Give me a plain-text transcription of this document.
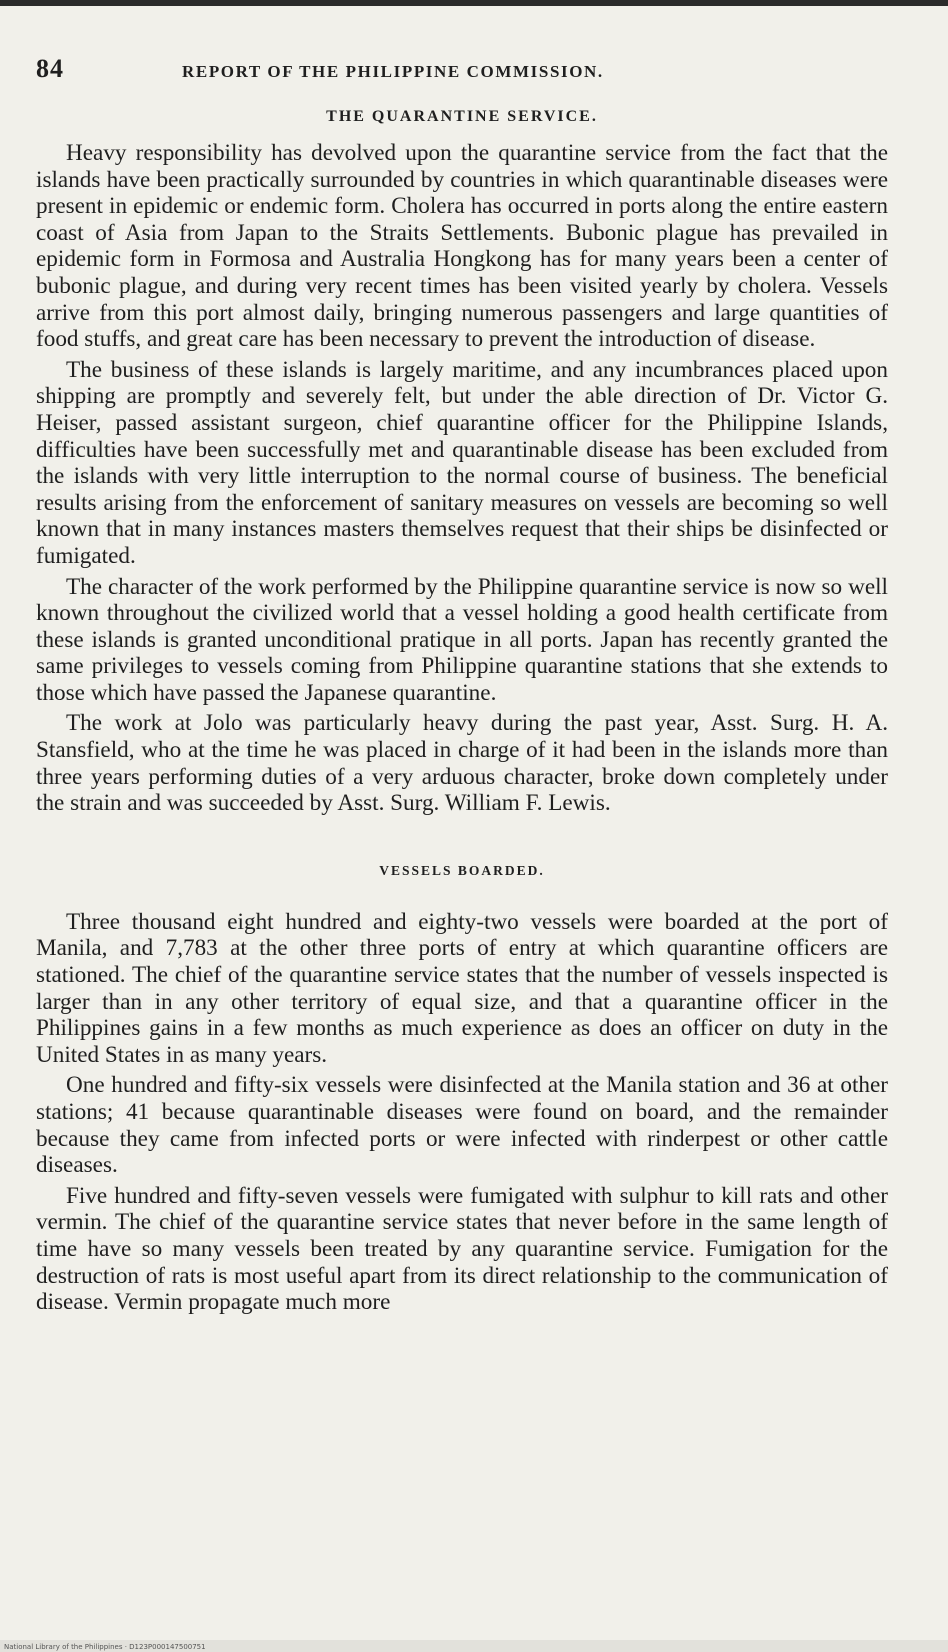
84	REPORT OF THE PHILIPPINE COMMISSION.
THE QUARANTINE SERVICE.

Heavy responsibility has devolved upon the quarantine service from the fact that the islands have been practically surrounded by countries in which quarantinable diseases were present in epidemic or endemic form. Cholera has occurred in ports along the entire eastern coast of Asia from Japan to the Straits Settlements. Bubonic plague has prevailed in epidemic form in Formosa and Australia Hongkong has for many years been a center of bubonic plague, and during very recent times has been visited yearly by cholera. Vessels arrive from this port almost daily, bringing numerous passengers and large quantities of food stuffs, and great care has been necessary to prevent the introduction of disease.

The business of these islands is largely maritime, and any incumbrances placed upon shipping are promptly and severely felt, but under the able direction of Dr. Victor G. Heiser, passed assistant surgeon, chief quarantine officer for the Philippine Islands, difficulties have been successfully met and quarantinable disease has been excluded from the islands with very little interruption to the normal course of business. The beneficial results arising from the enforcement of sanitary measures on vessels are becoming so well known that in many instances masters themselves request that their ships be disinfected or fumigated.

The character of the work performed by the Philippine quarantine service is now so well known throughout the civilized world that a vessel holding a good health certificate from these islands is granted unconditional pratique in all ports. Japan has recently granted the same privileges to vessels coming from Philippine quarantine stations that she extends to those which have passed the Japanese quarantine.

The work at Jolo was particularly heavy during the past year, Asst. Surg. H. A. Stansfield, who at the time he was placed in charge of it had been in the islands more than three years performing duties of a very arduous character, broke down completely under the strain and was succeeded by Asst. Surg. William F. Lewis.

VESSELS BOARDED.

Three thousand eight hundred and eighty-two vessels were boarded at the port of Manila, and 7,783 at the other three ports of entry at which quarantine officers are stationed. The chief of the quarantine service states that the number of vessels inspected is larger than in any other territory of equal size, and that a quarantine officer in the Philippines gains in a few months as much experience as does an officer on duty in the United States in as many years.

One hundred and fifty-six vessels were disinfected at the Manila station and 36 at other stations; 41 because quarantinable diseases were found on board, and the remainder because they came from infected ports or were infected with rinderpest or other cattle diseases.

Five hundred and fifty-seven vessels were fumigated with sulphur to kill rats and other vermin. The chief of the quarantine service states that never before in the same length of time have so many vessels been treated by any quarantine service. Fumigation for the destruction of rats is most useful apart from its direct relationship to the communication of disease. Vermin propagate much more

National Library of the Philippines · D123P000147500751
